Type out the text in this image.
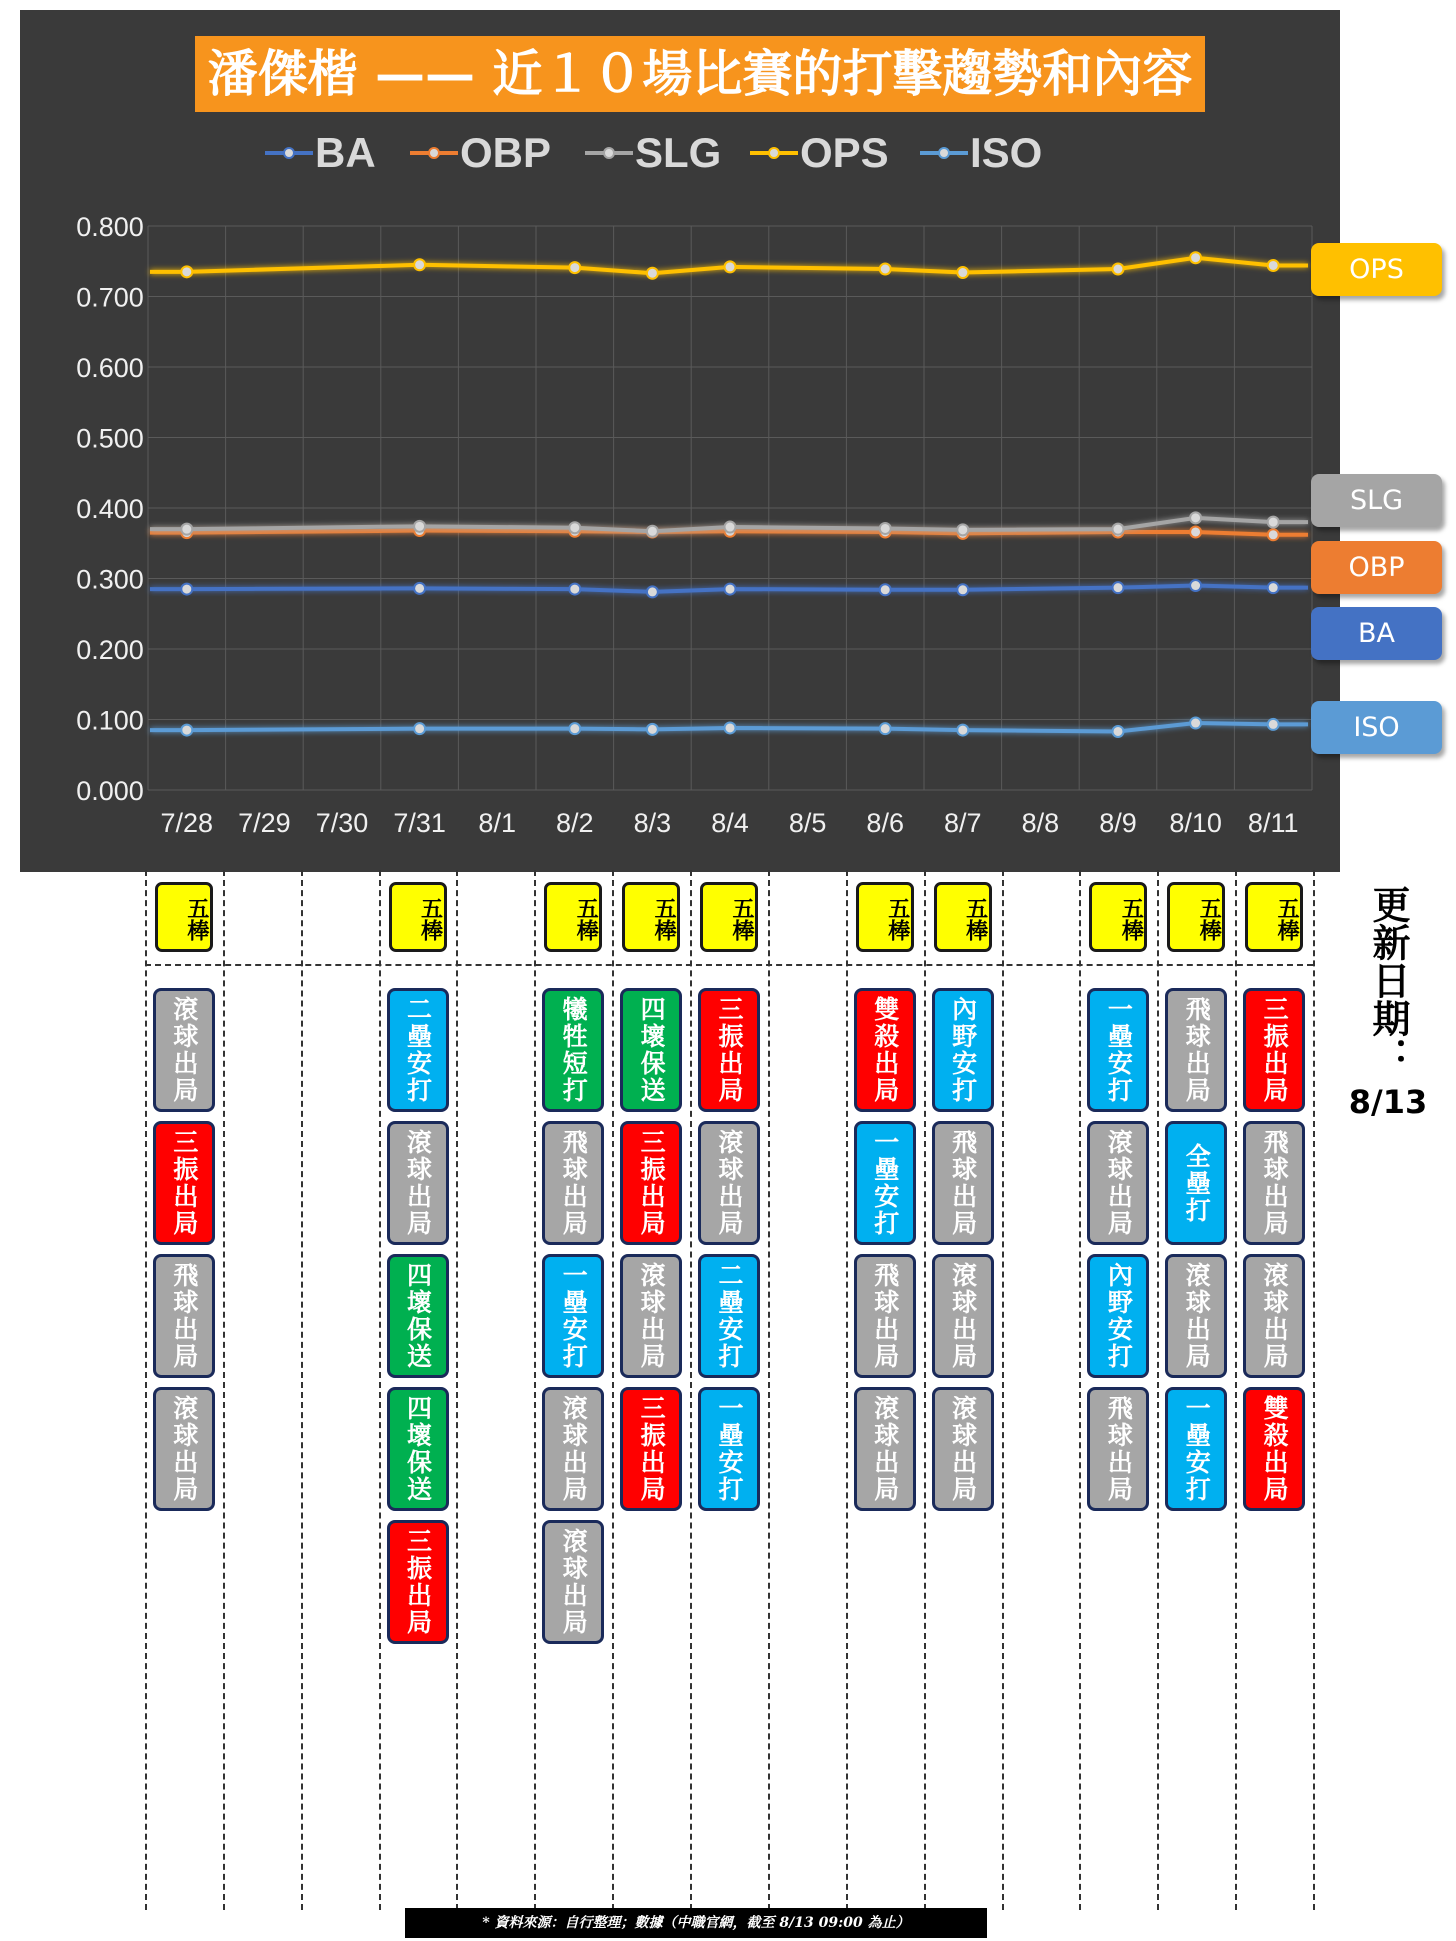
0.800
0.700
0.600
0.500
0.400
0.300
0.200
0.100
0.000
7/28 7/29 7/30 7/31 8/1 8/2 8/3 8/4 8/5 8/6 8/7 8/8 8/9 8/10 8/11
BA OBP SLG OPS ISO
潘傑楷 —— 近１０場比賽的打擊趨勢和內容
OPS
SLG
OBP
BA
ISO
五棒
滾球出局
三振出局
飛球出局
滾球出局
五棒
二壘安打
滾球出局
四壞保送
四壞保送
三振出局
五棒
犧牲短打
飛球出局
一壘安打
滾球出局
滾球出局
五棒
四壞保送
三振出局
滾球出局
三振出局
五棒
三振出局
滾球出局
二壘安打
一壘安打
五棒
雙殺出局
一壘安打
飛球出局
滾球出局
五棒
內野安打
飛球出局
滾球出局
滾球出局
五棒
一壘安打
滾球出局
內野安打
飛球出局
五棒
飛球出局
全壘打
滾球出局
一壘安打
五棒
三振出局
飛球出局
滾球出局
雙殺出局
更新日期：
8/13
* 資料來源：自行整理；數據（中職官網，截至 8/13 09:00 為止）
